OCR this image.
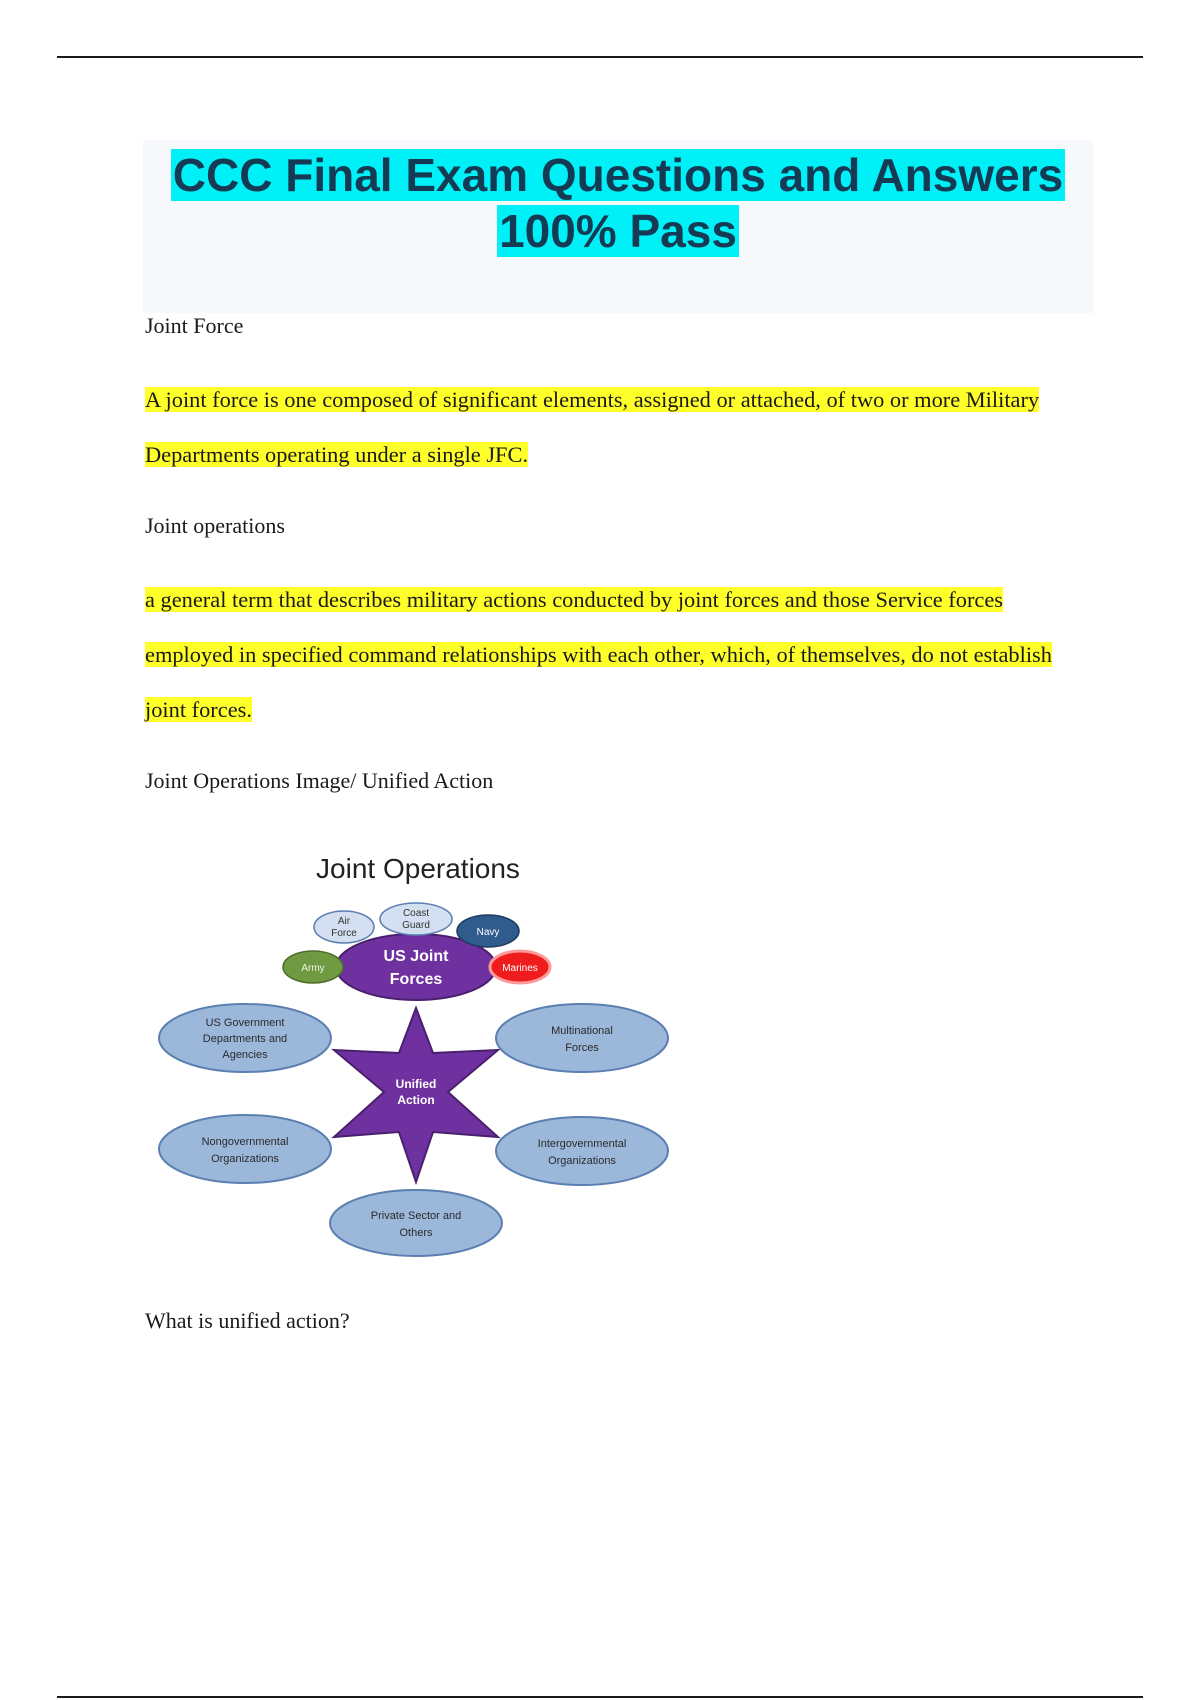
CCC Final Exam Questions and Answers
100% Pass

Joint Force

A joint force is one composed of significant elements, assigned or attached, of two or more Military Departments operating under a single JFC.

Joint operations

a general term that describes military actions conducted by joint forces and those Service forces employed in specified command relationships with each other, which, of themselves, do not establish joint forces.

Joint Operations Image/ Unified Action

Joint Operations
US Joint
Forces
Air
Force
Coast
Guard
Navy
Army	Marines
Unified
Action
US Government
Departments and
Agencies
Multinational
Forces
Nongovernmental
Organizations
Intergovernmental
Organizations
Private Sector and
Others

What is unified action?
